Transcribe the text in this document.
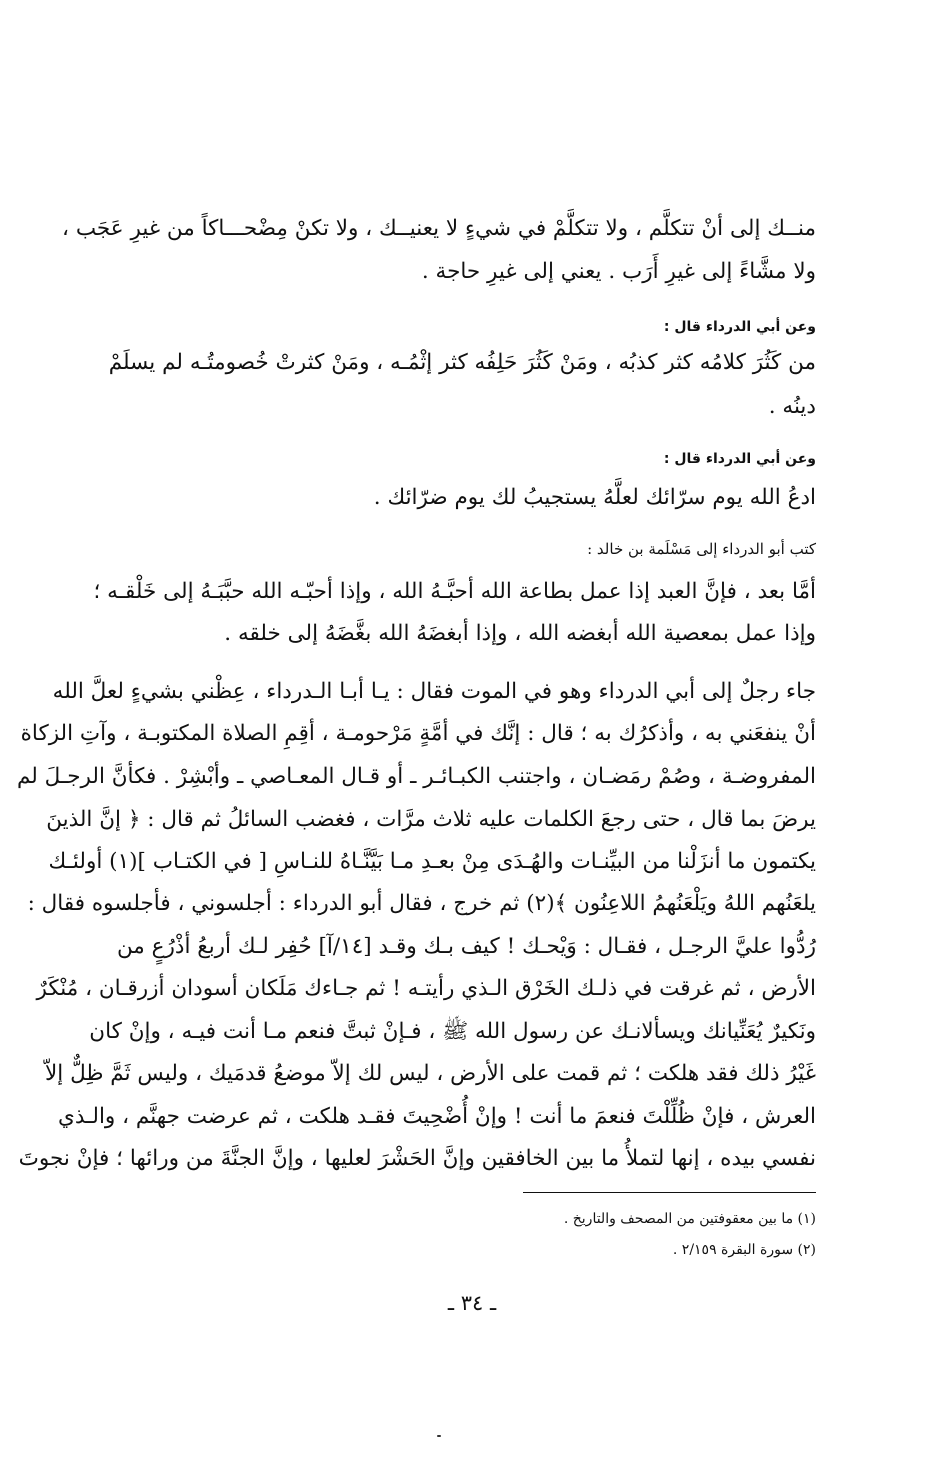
منــك إلى أنْ تتكلَّم ، ولا تتكلَّمْ في شيءٍ لا يعنيــك ، ولا تكنْ مِضْحـــاكاً من غيرِ عَجَب ،
ولا مشَّاءً إلى غيرِ أَرَب . يعني إلى غيرِ حاجة .
وعن أبي الدرداء قال :
من كَثُرَ كلامُه كثر كذبُه ، ومَنْ كَثُرَ حَلِفُه كثر إثْمُـه ، ومَنْ كثرتْ خُصومتُـه لم يسلَمْ
دينُه .
وعن أبي الدرداء قال :
ادعُ الله يوم سرّائك لعلَّهُ يستجيبُ لك يوم ضرّائك .
كتب أبو الدرداء إلى مَسْلَمة بن خالد :
أمَّا بعد ، فإنَّ العبد إذا عمل بطاعة الله أحبَّـهُ الله ، وإذا أحبّـه الله حبَّبَـهُ إلى خَلْقـه ؛
وإذا عمل بمعصية الله أبغضه الله ، وإذا أبغضَهُ الله بغَّضَهُ إلى خلقه .
جاء رجلٌ إلى أبي الدرداء وهو في الموت فقال : يـا أبـا الـدرداء ، عِظْني بشيءٍ لعلَّ الله
أنْ ينفعَني به ، وأذكرُك به ؛ قال : إنَّك في أمَّةٍ مَرْحومـة ، أقِمِ الصلاة المكتوبـة ، وآتِ الزكاة
المفروضـة ، وصُمْ رمَضـان ، واجتنب الكبـائـر ـ أو قـال المعـاصي ـ وأبْشِرْ . فكأنَّ الرجـلَ لم
يرضَ بما قال ، حتى رجعَ الكلمات عليه ثلاث مرَّات ، فغضب السائلُ ثم قال : ﴿ إنَّ الذينَ
يكتمون ما أنزَلْنا من البيِّنـات والهُـدَى مِنْ بعـدِ مـا بَيَّنَّـاهُ للنـاسِ [ في الكتـاب ](١) أولئـك
يلعَنُهم اللهُ ويَلْعَنُهمُ اللاعِنُون ﴾(٢) ثم خرج ، فقال أبو الدرداء : أجلسوني ، فأجلسوه فقال :
رُدُّوا عليَّ الرجـل ، فقـال : وَيْحـك ! كيف بـك وقـد [١٤/آ] حُفِر لـك أربعُ أذْرُعٍ من
الأرض ، ثم غرقت في ذلـك الخَرْق الـذي رأيتـه ! ثم جـاءك مَلَكان أسودان أزرقـان ، مُنْكَرٌ
ونَكيرٌ يُعَنِّيانك ويسألانـك عن رسول الله ﷺ ، فـإنْ ثبتَّ فنعم مـا أنت فيـه ، وإنْ كان
غَيْرُ ذلك فقد هلكت ؛ ثم قمت على الأرض ، ليس لك إلاّ موضعُ قدمَيك ، وليس ثَمَّ ظِلٌّ إلاّ
العرش ، فإنْ ظُلِّلْتَ فنعمَ ما أنت ! وإنْ أُضْحِيتَ فقـد هلكت ، ثم عرضت جهنَّم ، والـذي
نفسي بيده ، إنها لتملأُ ما بين الخافقين وإنَّ الحَشْرَ لعليها ، وإنَّ الجنَّةَ من ورائها ؛ فإنْ نجوتَ
(١) ما بين معقوفتين من المصحف والتاريخ .
(٢) سورة البقرة ٢/١٥٩ .
ـ ٣٤ ـ
